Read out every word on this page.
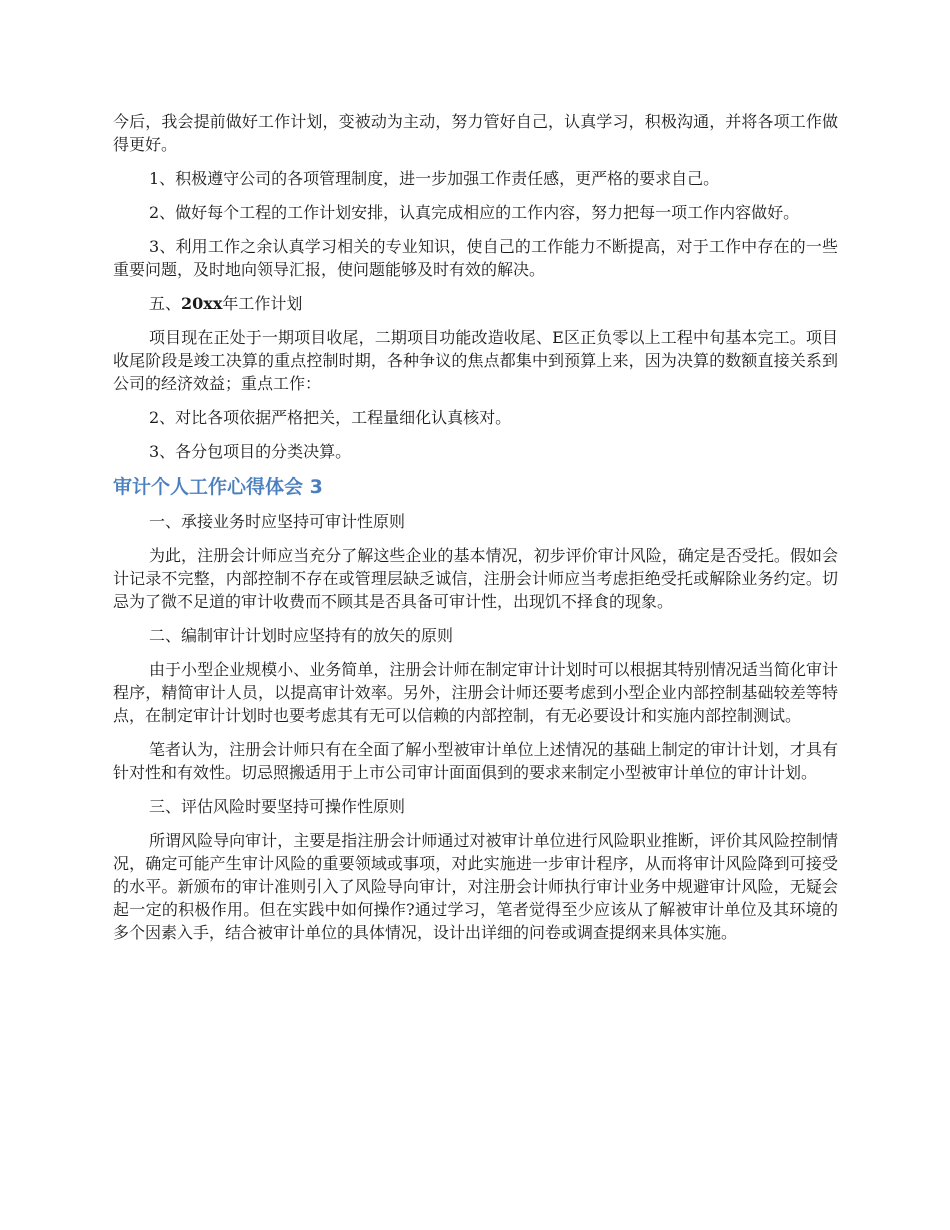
今后，我会提前做好工作计划，变被动为主动，努力管好自己，认真学习，积极沟通，并将各项工作做得更好。

1、积极遵守公司的各项管理制度，进一步加强工作责任感，更严格的要求自己。

2、做好每个工程的工作计划安排，认真完成相应的工作内容，努力把每一项工作内容做好。

3、利用工作之余认真学习相关的专业知识，使自己的工作能力不断提高，对于工作中存在的一些重要问题，及时地向领导汇报，使问题能够及时有效的解决。

五、20xx年工作计划

项目现在正处于一期项目收尾，二期项目功能改造收尾、E区正负零以上工程中旬基本完工。项目收尾阶段是竣工决算的重点控制时期，各种争议的焦点都集中到预算上来，因为决算的数额直接关系到公司的经济效益；重点工作：

2、对比各项依据严格把关，工程量细化认真核对。

3、各分包项目的分类决算。

审计个人工作心得体会 3

一、承接业务时应坚持可审计性原则

为此，注册会计师应当充分了解这些企业的基本情况，初步评价审计风险，确定是否受托。假如会计记录不完整，内部控制不存在或管理层缺乏诚信，注册会计师应当考虑拒绝受托或解除业务约定。切忌为了微不足道的审计收费而不顾其是否具备可审计性，出现饥不择食的现象。

二、编制审计计划时应坚持有的放矢的原则

由于小型企业规模小、业务简单，注册会计师在制定审计计划时可以根据其特别情况适当简化审计程序，精简审计人员，以提高审计效率。另外，注册会计师还要考虑到小型企业内部控制基础较差等特点，在制定审计计划时也要考虑其有无可以信赖的内部控制，有无必要设计和实施内部控制测试。

笔者认为，注册会计师只有在全面了解小型被审计单位上述情况的基础上制定的审计计划，才具有针对性和有效性。切忌照搬适用于上市公司审计面面俱到的要求来制定小型被审计单位的审计计划。

三、评估风险时要坚持可操作性原则

所谓风险导向审计，主要是指注册会计师通过对被审计单位进行风险职业推断，评价其风险控制情况，确定可能产生审计风险的重要领域或事项，对此实施进一步审计程序，从而将审计风险降到可接受的水平。新颁布的审计准则引入了风险导向审计，对注册会计师执行审计业务中规避审计风险，无疑会起一定的积极作用。但在实践中如何操作?通过学习，笔者觉得至少应该从了解被审计单位及其环境的多个因素入手，结合被审计单位的具体情况，设计出详细的问卷或调查提纲来具体实施。
